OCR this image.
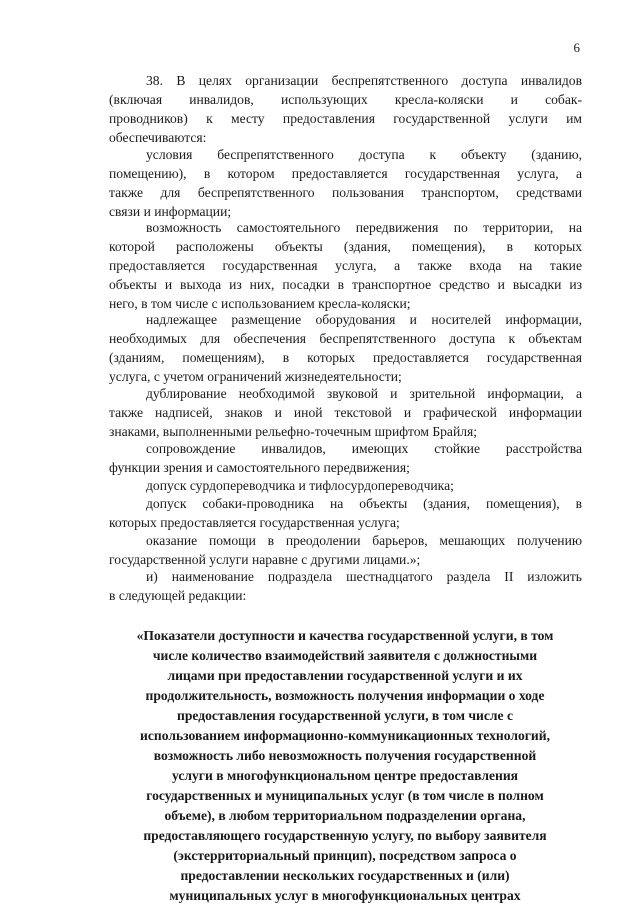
6
38. В целях организации беспрепятственного доступа инвалидов
(включая инвалидов, использующих кресла-коляски и собак-
проводников) к месту предоставления государственной услуги им
обеспечиваются:
условия беспрепятственного доступа к объекту (зданию,
помещению), в котором предоставляется государственная услуга, а
также для беспрепятственного пользования транспортом, средствами
связи и информации;
возможность самостоятельного передвижения по территории, на
которой расположены объекты (здания, помещения), в которых
предоставляется государственная услуга, а также входа на такие
объекты и выхода из них, посадки в транспортное средство и высадки из
него, в том числе с использованием кресла-коляски;
надлежащее размещение оборудования и носителей информации,
необходимых для обеспечения беспрепятственного доступа к объектам
(зданиям, помещениям), в которых предоставляется государственная
услуга, с учетом ограничений жизнедеятельности;
дублирование необходимой звуковой и зрительной информации, а
также надписей, знаков и иной текстовой и графической информации
знаками, выполненными рельефно-точечным шрифтом Брайля;
сопровождение инвалидов, имеющих стойкие расстройства
функции зрения и самостоятельного передвижения;
допуск сурдопереводчика и тифлосурдопереводчика;
допуск собаки-проводника на объекты (здания, помещения), в
которых предоставляется государственная услуга;
оказание помощи в преодолении барьеров, мешающих получению
государственной услуги наравне с другими лицами.»;
и) наименование подраздела шестнадцатого раздела II изложить
в следующей редакции:
«Показатели доступности и качества государственной услуги, в том
числе количество взаимодействий заявителя с должностными
лицами при предоставлении государственной услуги и их
продолжительность, возможность получения информации о ходе
предоставления государственной услуги, в том числе с
использованием информационно-коммуникационных технологий,
возможность либо невозможность получения государственной
услуги в многофункциональном центре предоставления
государственных и муниципальных услуг (в том числе в полном
объеме), в любом территориальном подразделении органа,
предоставляющего государственную услугу, по выбору заявителя
(экстерриториальный принцип), посредством запроса о
предоставлении нескольких государственных и (или)
муниципальных услуг в многофункциональных центрах
